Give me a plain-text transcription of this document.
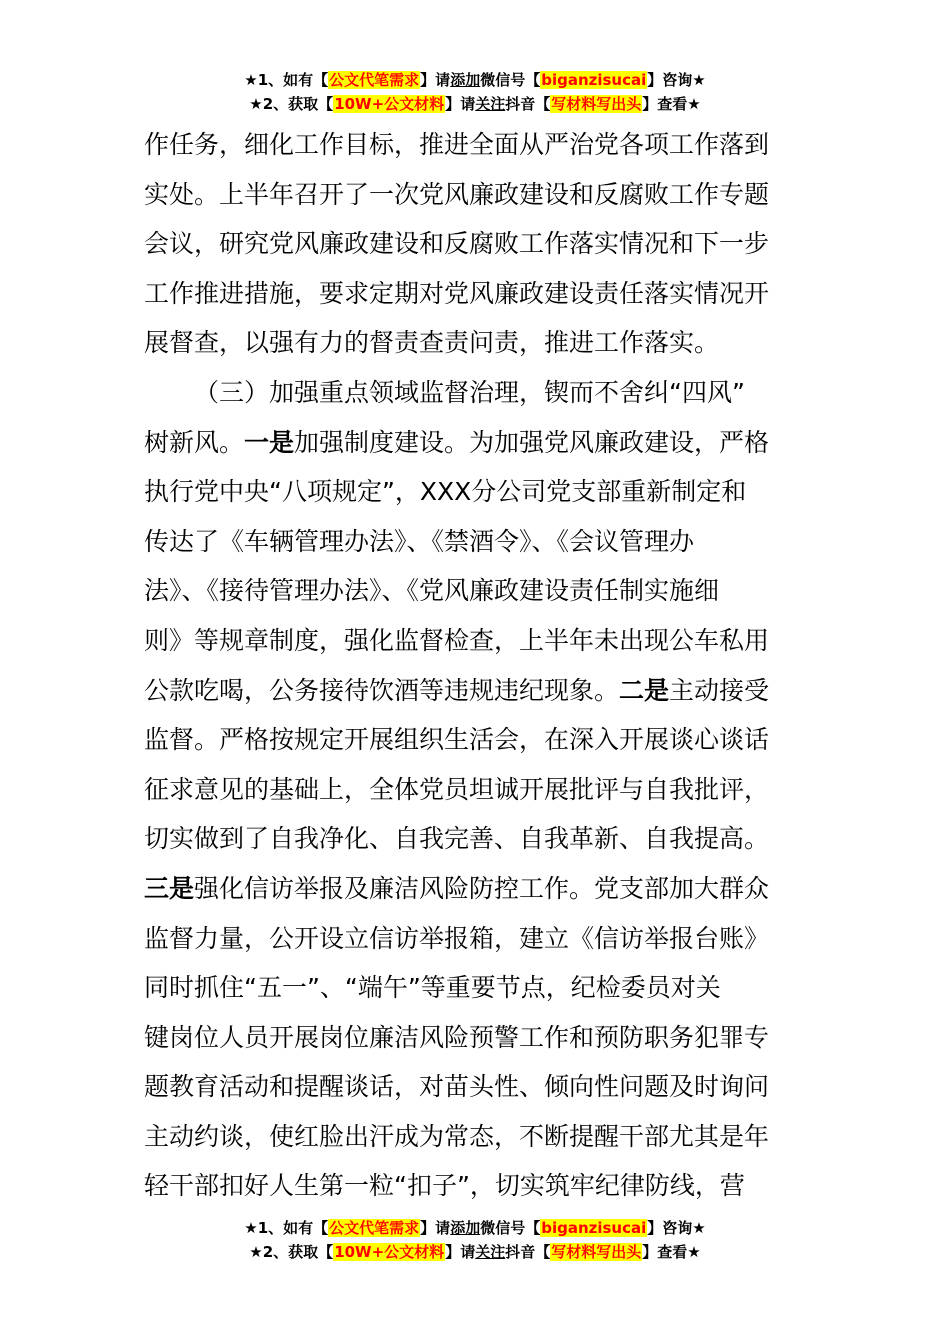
★1、如有【公文代笔需求】请添加微信号【biganzisucai】咨询★
★2、获取【10W+公文材料】请关注抖音【写材料写出头】查看★
作任务，细化工作目标，推进全面从严治党各项工作落到
实处。上半年召开了一次党风廉政建设和反腐败工作专题
会议，研究党风廉政建设和反腐败工作落实情况和下一步
工作推进措施，要求定期对党风廉政建设责任落实情况开
展督查，以强有力的督责查责问责，推进工作落实。
（三）加强重点领域监督治理，锲而不舍纠“四风”
树新风。一是加强制度建设。为加强党风廉政建设，严格
执行党中央“八项规定”，XXX分公司党支部重新制定和
传达了《车辆管理办法》、《禁酒令》、《会议管理办
法》、《接待管理办法》、《党风廉政建设责任制实施细
则》等规章制度，强化监督检查，上半年未出现公车私用
公款吃喝，公务接待饮酒等违规违纪现象。二是主动接受
监督。严格按规定开展组织生活会，在深入开展谈心谈话
征求意见的基础上，全体党员坦诚开展批评与自我批评，
切实做到了自我净化、自我完善、自我革新、自我提高。
三是强化信访举报及廉洁风险防控工作。党支部加大群众
监督力量，公开设立信访举报箱，建立《信访举报台账》
同时抓住“五一”、“端午”等重要节点，纪检委员对关
键岗位人员开展岗位廉洁风险预警工作和预防职务犯罪专
题教育活动和提醒谈话，对苗头性、倾向性问题及时询问
主动约谈，使红脸出汗成为常态，不断提醒干部尤其是年
轻干部扣好人生第一粒“扣子”，切实筑牢纪律防线，营
★1、如有【公文代笔需求】请添加微信号【biganzisucai】咨询★
★2、获取【10W+公文材料】请关注抖音【写材料写出头】查看★
